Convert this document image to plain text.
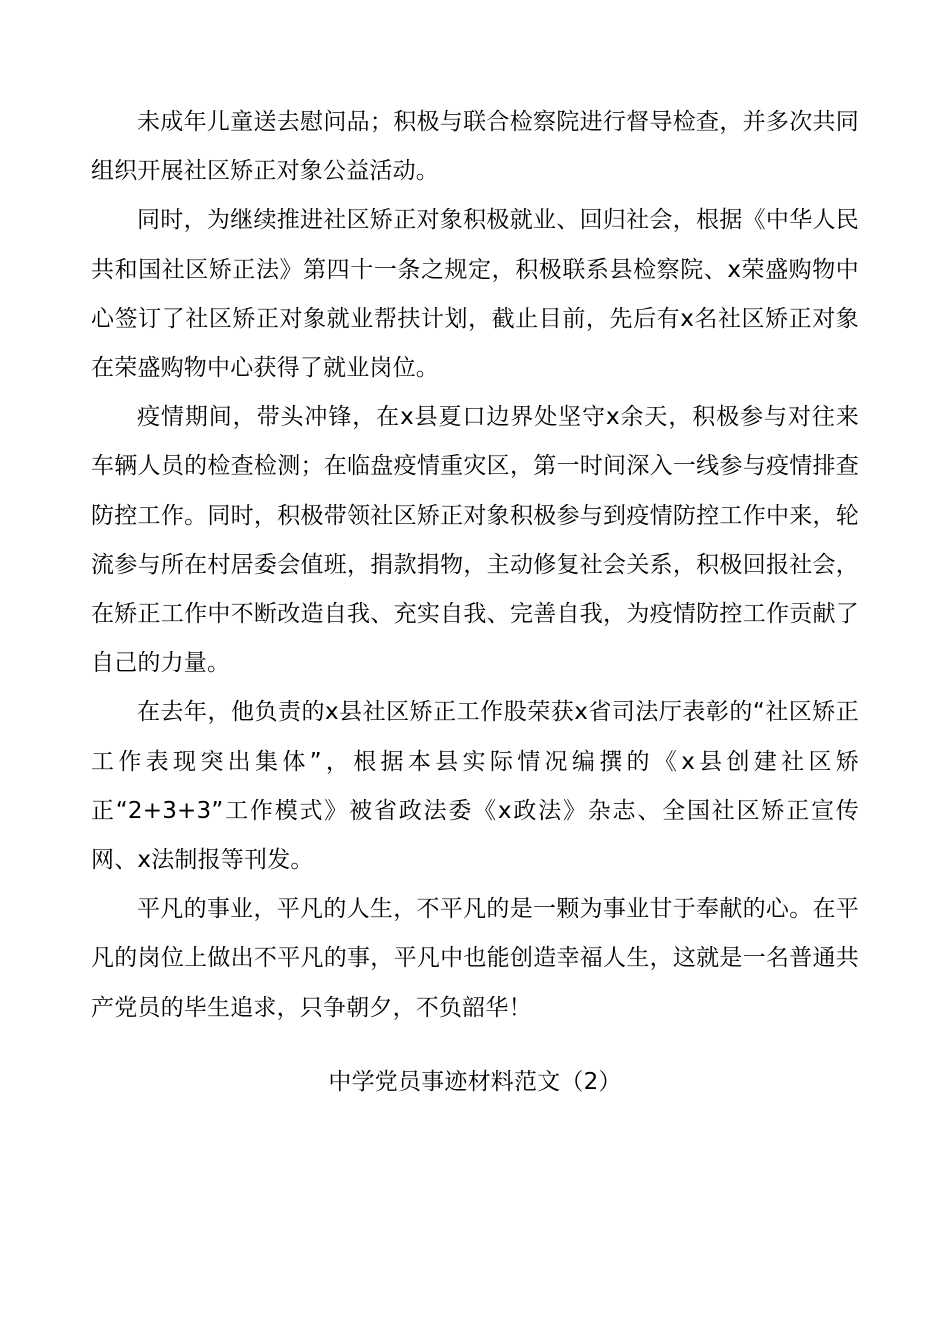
未成年儿童送去慰问品；积极与联合检察院进行督导检查，并多次共同组织开展社区矫正对象公益活动。

同时，为继续推进社区矫正对象积极就业、回归社会，根据《中华人民共和国社区矫正法》第四十一条之规定，积极联系县检察院、x荣盛购物中心签订了社区矫正对象就业帮扶计划，截止目前，先后有x名社区矫正对象在荣盛购物中心获得了就业岗位。

疫情期间，带头冲锋，在x县夏口边界处坚守x余天，积极参与对往来车辆人员的检查检测；在临盘疫情重灾区，第一时间深入一线参与疫情排查防控工作。同时，积极带领社区矫正对象积极参与到疫情防控工作中来，轮流参与所在村居委会值班，捐款捐物，主动修复社会关系，积极回报社会，在矫正工作中不断改造自我、充实自我、完善自我，为疫情防控工作贡献了自己的力量。

在去年，他负责的x县社区矫正工作股荣获x省司法厅表彰的“社区矫正工作表现突出集体”，根据本县实际情况编撰的《x县创建社区矫正“2+3+3”工作模式》被省政法委《x政法》杂志、全国社区矫正宣传网、x法制报等刊发。

平凡的事业，平凡的人生，不平凡的是一颗为事业甘于奉献的心。在平凡的岗位上做出不平凡的事，平凡中也能创造幸福人生，这就是一名普通共产党员的毕生追求，只争朝夕，不负韶华！

中学党员事迹材料范文（2）
